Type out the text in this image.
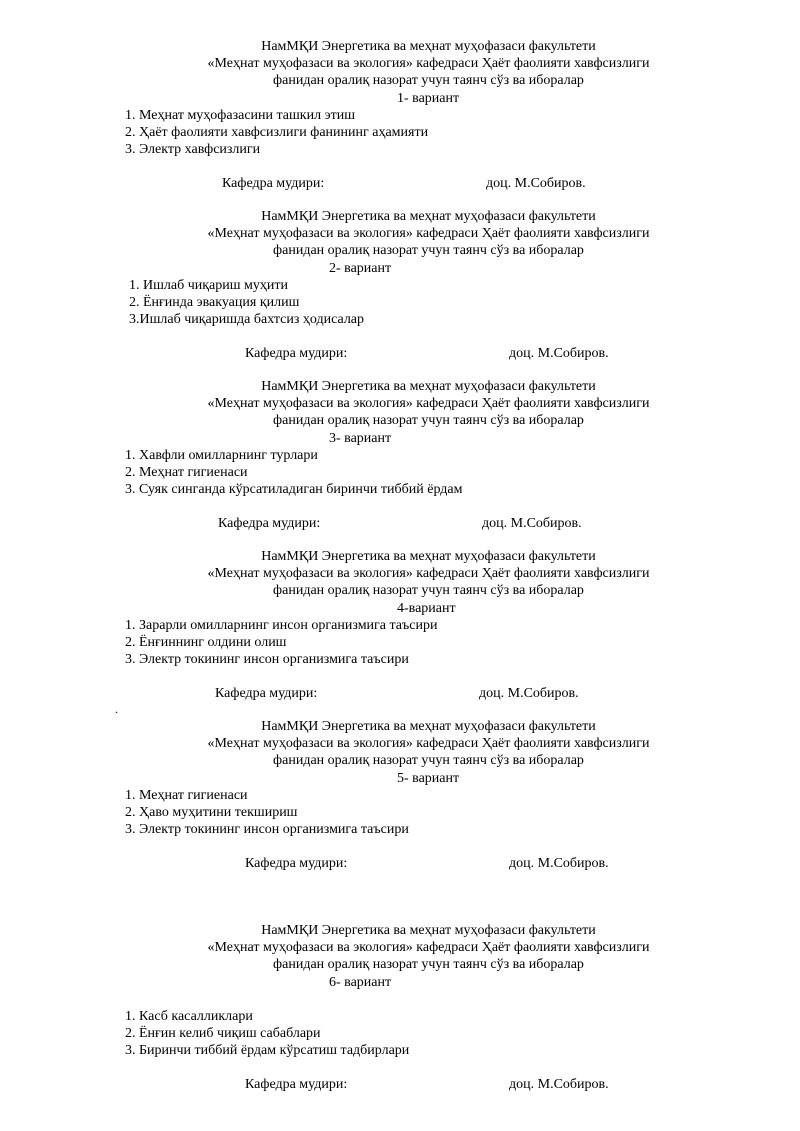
НамМҚИ Энергетика ва меҳнат муҳофазаси факультети
«Меҳнат муҳофазаси ва экология» кафедраси Ҳаёт фаолияти хавфсизлиги
фанидан оралиқ назорат учун таянч сўз ва иборалар
1- вариант
1. Меҳнат муҳофазасини ташкил этиш
2. Ҳаёт фаолияти хавфсизлиги фанининг аҳамияти
3. Электр хавфсизлиги
Кафедра мудири:	доц. М.Собиров.
НамМҚИ Энергетика ва меҳнат муҳофазаси факультети
«Меҳнат муҳофазаси ва экология» кафедраси Ҳаёт фаолияти хавфсизлиги
фанидан оралиқ назорат учун таянч сўз ва иборалар
2- вариант
1. Ишлаб чиқариш муҳити
2. Ёнғинда эвакуация қилиш
3.Ишлаб чиқаришда бахтсиз ҳодисалар
Кафедра мудири:	доц. М.Собиров.
НамМҚИ Энергетика ва меҳнат муҳофазаси факультети
«Меҳнат муҳофазаси ва экология» кафедраси Ҳаёт фаолияти хавфсизлиги
фанидан оралиқ назорат учун таянч сўз ва иборалар
3- вариант
1. Хавфли омилларнинг турлари
2. Меҳнат гигиенаси
3. Суяк синганда кўрсатиладиган биринчи тиббий ёрдам
Кафедра мудири:	доц. М.Собиров.
НамМҚИ Энергетика ва меҳнат муҳофазаси факультети
«Меҳнат муҳофазаси ва экология» кафедраси Ҳаёт фаолияти хавфсизлиги
фанидан оралиқ назорат учун таянч сўз ва иборалар
4-вариант
1. Зарарли омилларнинг инсон организмига таъсири
2. Ёнғиннинг олдини олиш
3. Электр токининг инсон организмига таъсири
Кафедра мудири:	доц. М.Собиров.
.
НамМҚИ Энергетика ва меҳнат муҳофазаси факультети
«Меҳнат муҳофазаси ва экология» кафедраси Ҳаёт фаолияти хавфсизлиги
фанидан оралиқ назорат учун таянч сўз ва иборалар
5- вариант
1. Меҳнат гигиенаси
2. Ҳаво муҳитини текшириш
3. Электр токининг инсон организмига таъсири
Кафедра мудири:	доц. М.Собиров.
НамМҚИ Энергетика ва меҳнат муҳофазаси факультети
«Меҳнат муҳофазаси ва экология» кафедраси Ҳаёт фаолияти хавфсизлиги
фанидан оралиқ назорат учун таянч сўз ва иборалар
6- вариант
1. Касб касалликлари
2. Ёнғин келиб чиқиш сабаблари
3. Биринчи тиббий ёрдам кўрсатиш тадбирлари
Кафедра мудири:	доц. М.Собиров.
